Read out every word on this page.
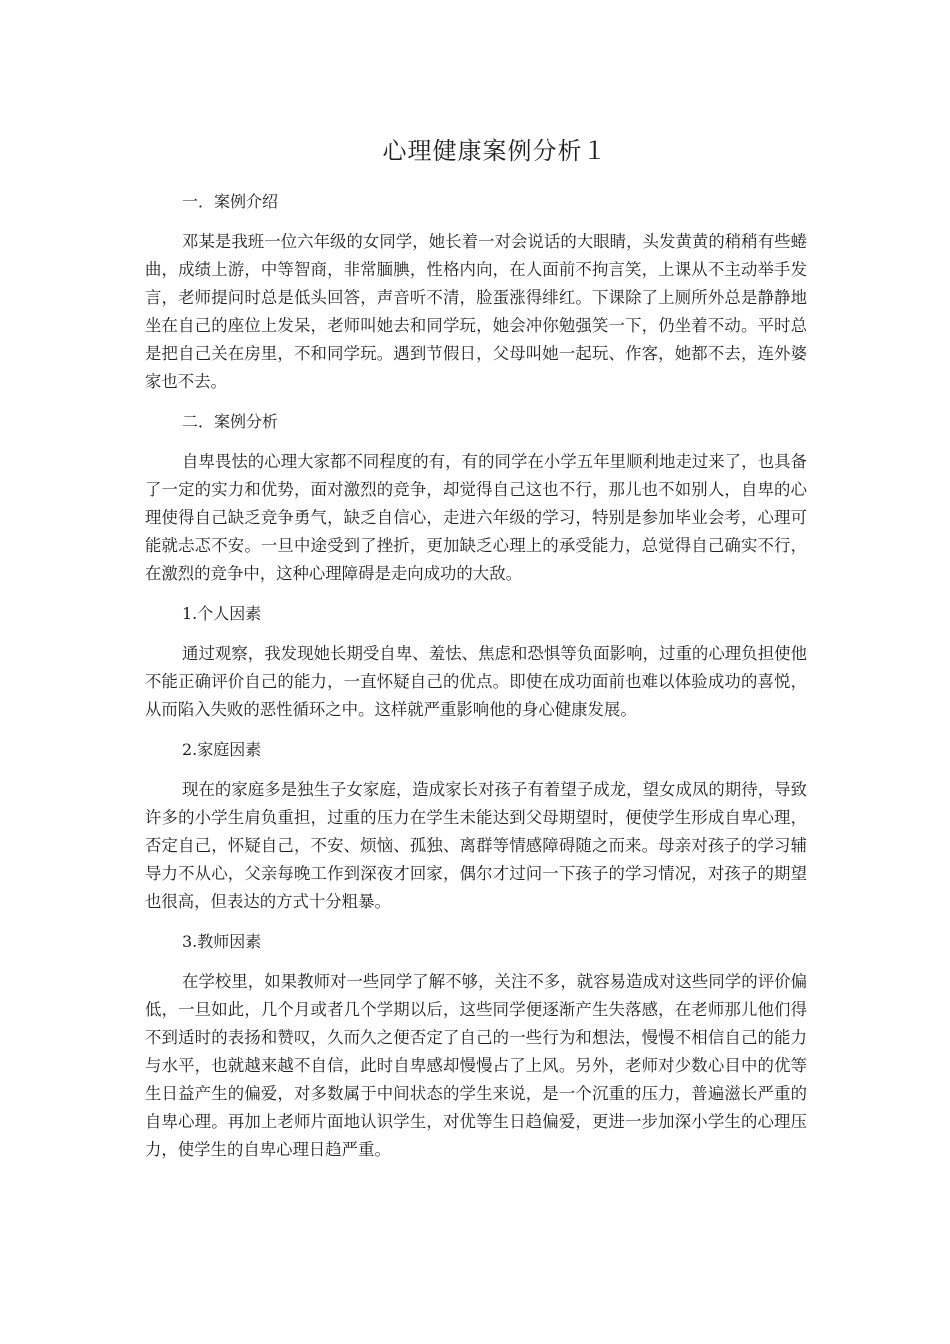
心理健康案例分析１

一．案例介绍

邓某是我班一位六年级的女同学，她长着一对会说话的大眼睛，头发黄黄的稍稍有些蜷曲，成绩上游，中等智商，非常腼腆，性格内向，在人面前不拘言笑，上课从不主动举手发言，老师提问时总是低头回答，声音听不清，脸蛋涨得绯红。下课除了上厕所外总是静静地坐在自己的座位上发呆，老师叫她去和同学玩，她会冲你勉强笑一下，仍坐着不动。平时总是把自己关在房里，不和同学玩。遇到节假日，父母叫她一起玩、作客，她都不去，连外婆家也不去。

二．案例分析

自卑畏怯的心理大家都不同程度的有，有的同学在小学五年里顺利地走过来了，也具备了一定的实力和优势，面对激烈的竞争，却觉得自己这也不行，那儿也不如别人，自卑的心理使得自己缺乏竞争勇气，缺乏自信心，走进六年级的学习，特别是参加毕业会考，心理可能就忐忑不安。一旦中途受到了挫折，更加缺乏心理上的承受能力，总觉得自己确实不行，在激烈的竞争中，这种心理障碍是走向成功的大敌。

1.个人因素

通过观察，我发现她长期受自卑、羞怯、焦虑和恐惧等负面影响，过重的心理负担使他不能正确评价自己的能力，一直怀疑自己的优点。即使在成功面前也难以体验成功的喜悦，从而陷入失败的恶性循环之中。这样就严重影响他的身心健康发展。

2.家庭因素

现在的家庭多是独生子女家庭，造成家长对孩子有着望子成龙，望女成凤的期待，导致许多的小学生肩负重担，过重的压力在学生未能达到父母期望时，便使学生形成自卑心理，否定自己，怀疑自己，不安、烦恼、孤独、离群等情感障碍随之而来。母亲对孩子的学习辅导力不从心，父亲每晚工作到深夜才回家，偶尔才过问一下孩子的学习情况，对孩子的期望也很高，但表达的方式十分粗暴。

3.教师因素

在学校里，如果教师对一些同学了解不够，关注不多，就容易造成对这些同学的评价偏低，一旦如此，几个月或者几个学期以后，这些同学便逐渐产生失落感，在老师那儿他们得不到适时的表扬和赞叹，久而久之便否定了自己的一些行为和想法，慢慢不相信自己的能力与水平，也就越来越不自信，此时自卑感却慢慢占了上风。另外，老师对少数心目中的优等生日益产生的偏爱，对多数属于中间状态的学生来说，是一个沉重的压力，普遍滋长严重的自卑心理。再加上老师片面地认识学生，对优等生日趋偏爱，更进一步加深小学生的心理压力，使学生的自卑心理日趋严重。
